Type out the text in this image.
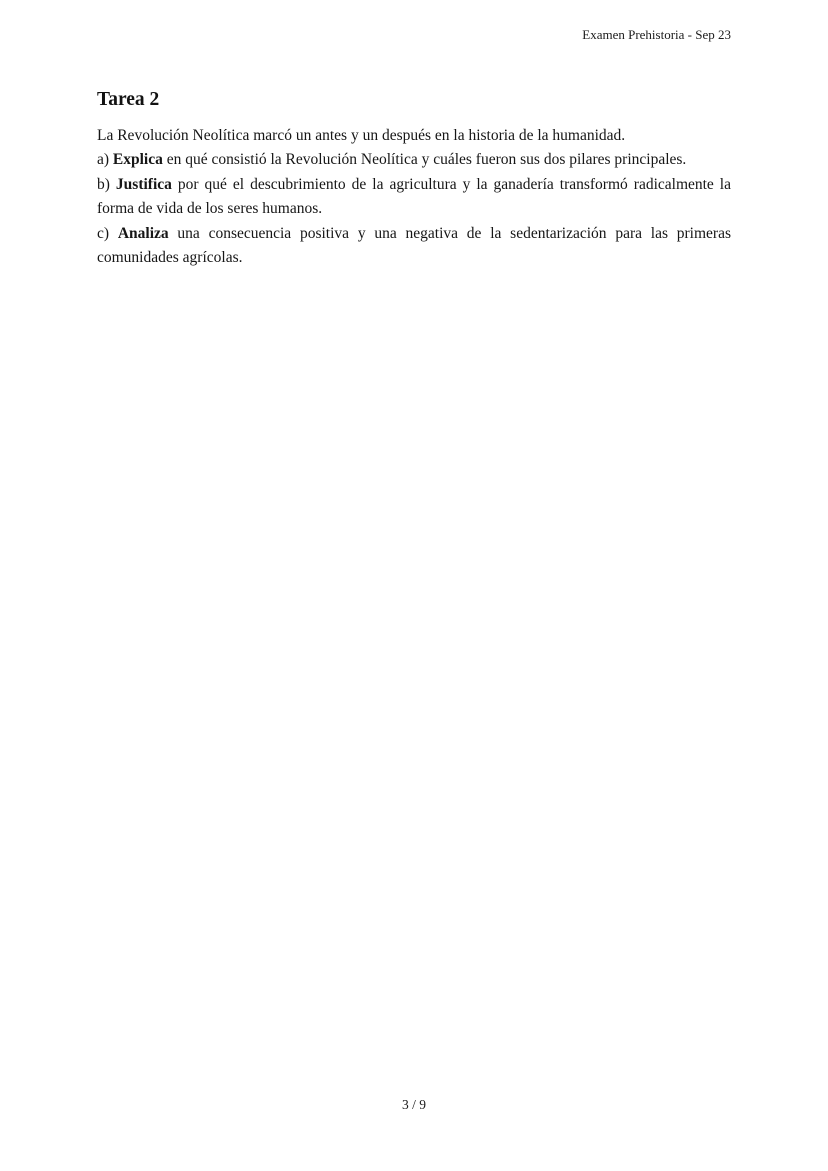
Examen Prehistoria - Sep 23
Tarea 2

La Revolución Neolítica marcó un antes y un después en la historia de la humanidad.

a) Explica en qué consistió la Revolución Neolítica y cuáles fueron sus dos pilares principales.

b) Justifica por qué el descubrimiento de la agricultura y la ganadería transformó radicalmente la forma de vida de los seres humanos.

c) Analiza una consecuencia positiva y una negativa de la sedentarización para las primeras comunidades agrícolas.

3 / 9
